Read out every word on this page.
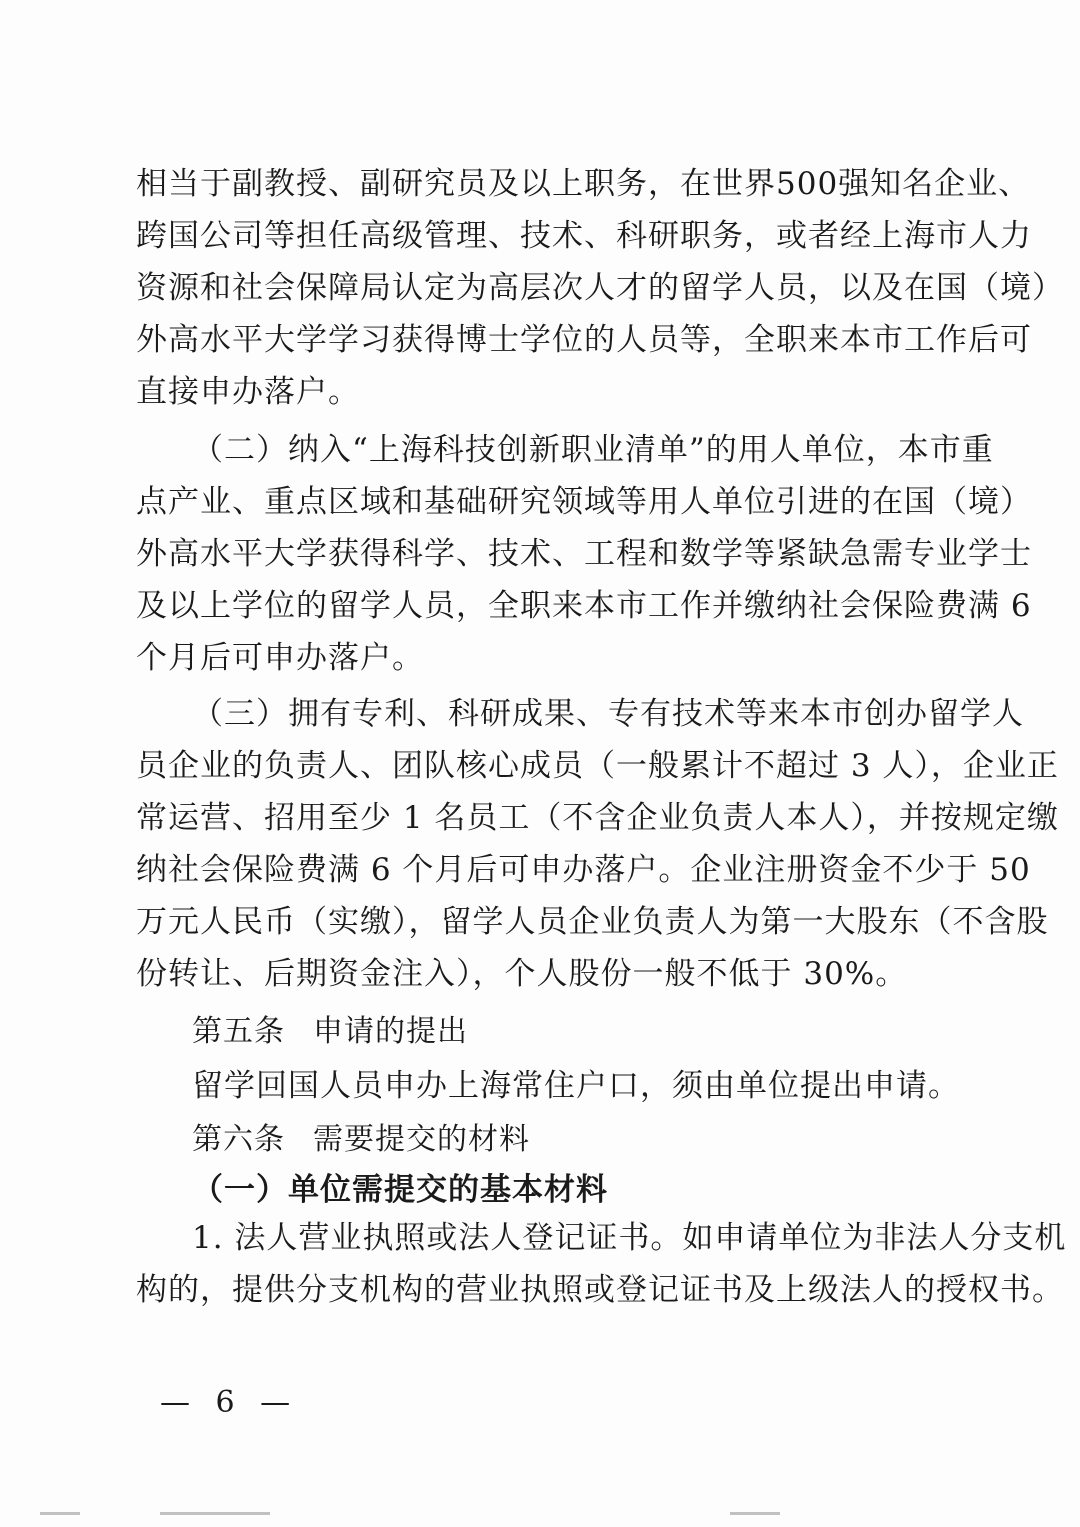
相当于副教授、副研究员及以上职务，在世界500强知名企业、
跨国公司等担任高级管理、技术、科研职务，或者经上海市人力
资源和社会保障局认定为高层次人才的留学人员，以及在国（境）
外高水平大学学习获得博士学位的人员等，全职来本市工作后可
直接申办落户。
（二）纳入“上海科技创新职业清单”的用人单位，本市重
点产业、重点区域和基础研究领域等用人单位引进的在国（境）
外高水平大学获得科学、技术、工程和数学等紧缺急需专业学士
及以上学位的留学人员，全职来本市工作并缴纳社会保险费满 6
个月后可申办落户。
（三）拥有专利、科研成果、专有技术等来本市创办留学人
员企业的负责人、团队核心成员（一般累计不超过 3 人），企业正
常运营、招用至少 1 名员工（不含企业负责人本人），并按规定缴
纳社会保险费满 6 个月后可申办落户。企业注册资金不少于 50
万元人民币（实缴），留学人员企业负责人为第一大股东（不含股
份转让、后期资金注入），个人股份一般不低于 30%。
第五条 申请的提出
留学回国人员申办上海常住户口，须由单位提出申请。
第六条 需要提交的材料
（一）单位需提交的基本材料
1. 法人营业执照或法人登记证书。如申请单位为非法人分支机
构的，提供分支机构的营业执照或登记证书及上级法人的授权书。
— 6 —
